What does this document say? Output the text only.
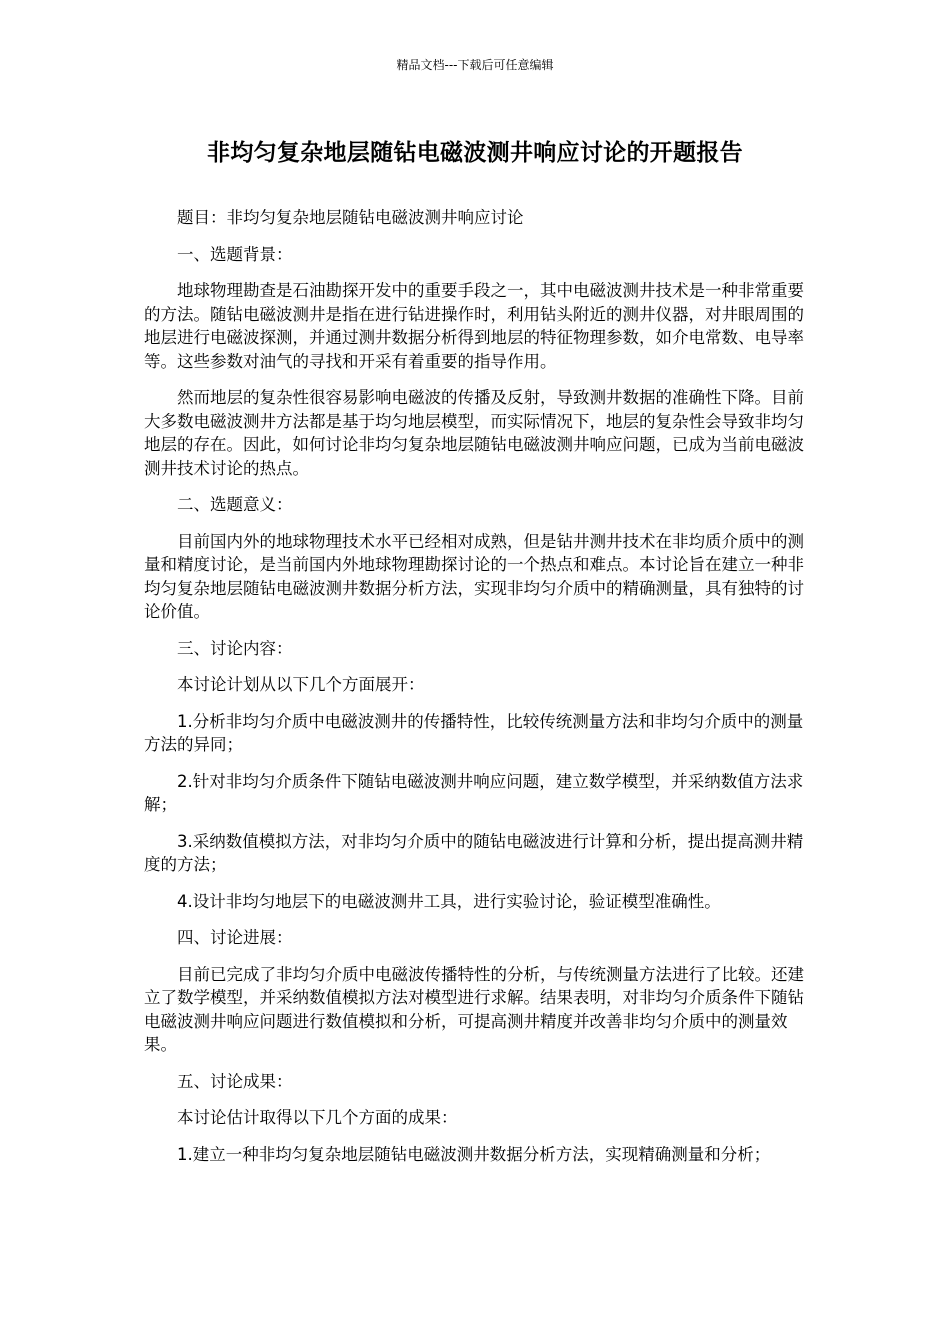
精品文档---下载后可任意编辑
非均匀复杂地层随钻电磁波测井响应讨论的开题报告

题目：非均匀复杂地层随钻电磁波测井响应讨论

一、选题背景：

地球物理勘查是石油勘探开发中的重要手段之一，其中电磁波测井技术是一种非常重要的方法。随钻电磁波测井是指在进行钻进操作时，利用钻头附近的测井仪器，对井眼周围的地层进行电磁波探测，并通过测井数据分析得到地层的特征物理参数，如介电常数、电导率等。这些参数对油气的寻找和开采有着重要的指导作用。

然而地层的复杂性很容易影响电磁波的传播及反射，导致测井数据的准确性下降。目前大多数电磁波测井方法都是基于均匀地层模型，而实际情况下，地层的复杂性会导致非均匀地层的存在。因此，如何讨论非均匀复杂地层随钻电磁波测井响应问题，已成为当前电磁波测井技术讨论的热点。

二、选题意义：

目前国内外的地球物理技术水平已经相对成熟，但是钻井测井技术在非均质介质中的测量和精度讨论，是当前国内外地球物理勘探讨论的一个热点和难点。本讨论旨在建立一种非均匀复杂地层随钻电磁波测井数据分析方法，实现非均匀介质中的精确测量，具有独特的讨论价值。

三、讨论内容：

本讨论计划从以下几个方面展开：

1.分析非均匀介质中电磁波测井的传播特性，比较传统测量方法和非均匀介质中的测量方法的异同；

2.针对非均匀介质条件下随钻电磁波测井响应问题，建立数学模型，并采纳数值方法求解；

3.采纳数值模拟方法，对非均匀介质中的随钻电磁波进行计算和分析，提出提高测井精度的方法；

4.设计非均匀地层下的电磁波测井工具，进行实验讨论，验证模型准确性。

四、讨论进展：

目前已完成了非均匀介质中电磁波传播特性的分析，与传统测量方法进行了比较。还建立了数学模型，并采纳数值模拟方法对模型进行求解。结果表明，对非均匀介质条件下随钻电磁波测井响应问题进行数值模拟和分析，可提高测井精度并改善非均匀介质中的测量效果。

五、讨论成果：

本讨论估计取得以下几个方面的成果：

1.建立一种非均匀复杂地层随钻电磁波测井数据分析方法，实现精确测量和分析；
